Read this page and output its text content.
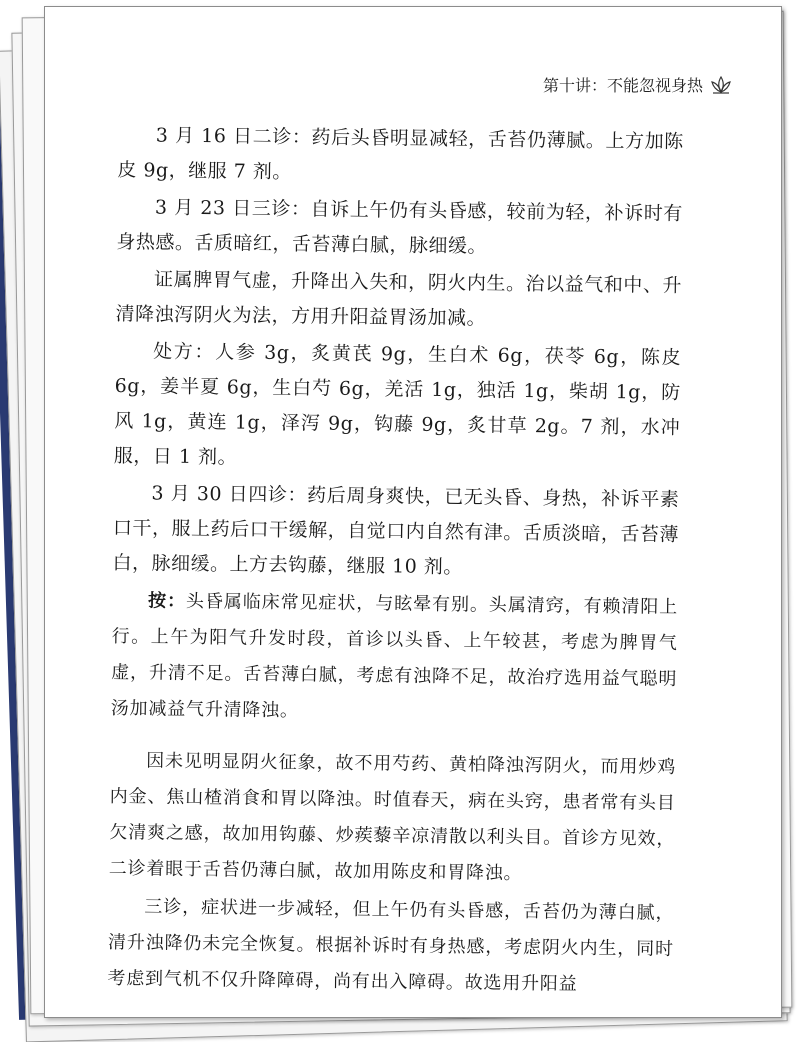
第十讲：不能忽视身热

3 月 16 日二诊：药后头昏明显减轻，舌苔仍薄腻。上方加陈皮 9g，继服 7 剂。

3 月 23 日三诊：自诉上午仍有头昏感，较前为轻，补诉时有身热感。舌质暗红，舌苔薄白腻，脉细缓。

证属脾胃气虚，升降出入失和，阴火内生。治以益气和中、升清降浊泻阴火为法，方用升阳益胃汤加减。

处方：人参 3g，炙黄芪 9g，生白术 6g，茯苓 6g，陈皮 6g，姜半夏 6g，生白芍 6g，羌活 1g，独活 1g，柴胡 1g，防风 1g，黄连 1g，泽泻 9g，钩藤 9g，炙甘草 2g。7 剂，水冲服，日 1 剂。

3 月 30 日四诊：药后周身爽快，已无头昏、身热，补诉平素口干，服上药后口干缓解，自觉口内自然有津。舌质淡暗，舌苔薄白，脉细缓。上方去钩藤，继服 10 剂。

按：头昏属临床常见症状，与眩晕有别。头属清窍，有赖清阳上行。上午为阳气升发时段，首诊以头昏、上午较甚，考虑为脾胃气虚，升清不足。舌苔薄白腻，考虑有浊降不足，故治疗选用益气聪明汤加减益气升清降浊。

因未见明显阴火征象，故不用芍药、黄柏降浊泻阴火，而用炒鸡内金、焦山楂消食和胃以降浊。时值春天，病在头窍，患者常有头目欠清爽之感，故加用钩藤、炒蒺藜辛凉清散以利头目。首诊方见效，二诊着眼于舌苔仍薄白腻，故加用陈皮和胃降浊。

三诊，症状进一步减轻，但上午仍有头昏感，舌苔仍为薄白腻，清升浊降仍未完全恢复。根据补诉时有身热感，考虑阴火内生，同时考虑到气机不仅升降障碍，尚有出入障碍。故选用升阳益
